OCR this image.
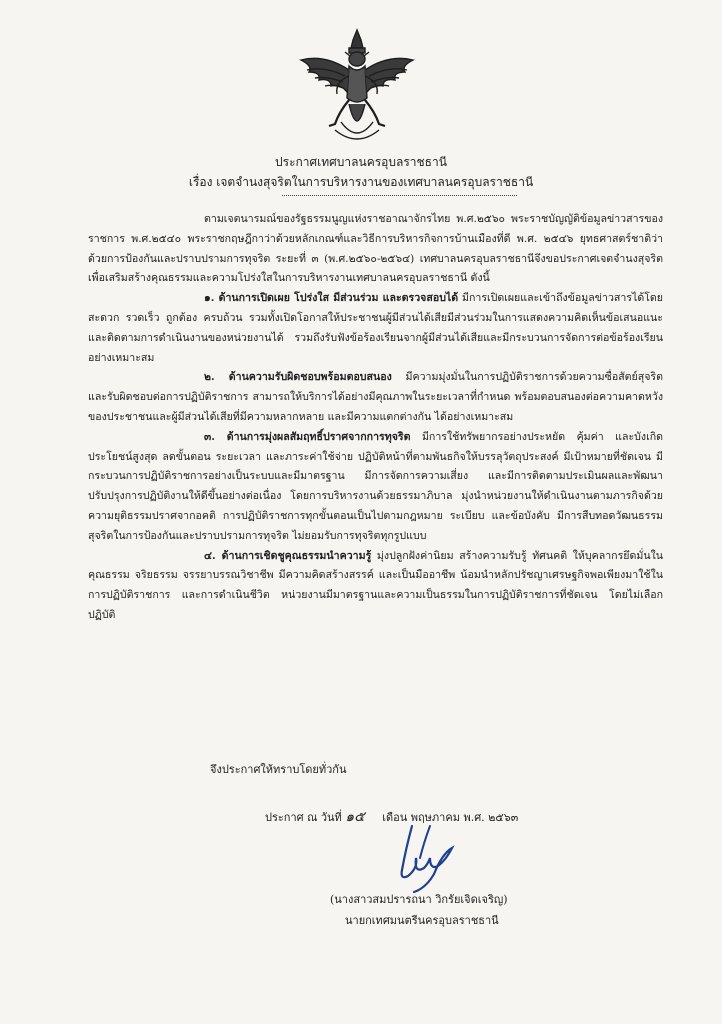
ประกาศเทศบาลนครอุบลราชธานี
เรื่อง เจตจำนงสุจริตในการบริหารงานของเทศบาลนครอุบลราชธานี

ตามเจตนารมณ์ของรัฐธรรมนูญแห่งราชอาณาจักรไทย พ.ศ.๒๕๖๐ พระราชบัญญัติข้อมูลข่าวสารของราชการ พ.ศ.๒๕๔๐ พระราชกฤษฎีกาว่าด้วยหลักเกณฑ์และวิธีการบริหารกิจการบ้านเมืองที่ดี พ.ศ. ๒๕๔๖ ยุทธศาสตร์ชาติว่าด้วยการป้องกันและปราบปรามการทุจริต ระยะที่ ๓ (พ.ศ.๒๕๖๐-๒๕๖๔) เทศบาลนครอุบลราชธานีจึงขอประกาศเจตจำนงสุจริต เพื่อเสริมสร้างคุณธรรมและความโปร่งใสในการบริหารงานเทศบาลนครอุบลราชธานี ดังนี้

๑. ด้านการเปิดเผย โปร่งใส มีส่วนร่วม และตรวจสอบได้ มีการเปิดเผยและเข้าถึงข้อมูลข่าวสารได้โดยสะดวก รวดเร็ว ถูกต้อง ครบถ้วน รวมทั้งเปิดโอกาสให้ประชาชนผู้มีส่วนได้เสียมีส่วนร่วมในการแสดงความคิดเห็นข้อเสนอแนะและติดตามการดำเนินงานของหน่วยงานได้ รวมถึงรับฟังข้อร้องเรียนจากผู้มีส่วนได้เสียและมีกระบวนการจัดการต่อข้อร้องเรียนอย่างเหมาะสม

๒. ด้านความรับผิดชอบพร้อมตอบสนอง มีความมุ่งมั่นในการปฏิบัติราชการด้วยความซื่อสัตย์สุจริต และรับผิดชอบต่อการปฏิบัติราชการ สามารถให้บริการได้อย่างมีคุณภาพในระยะเวลาที่กำหนด พร้อมตอบสนองต่อความคาดหวังของประชาชนและผู้มีส่วนได้เสียที่มีความหลากหลาย และมีความแตกต่างกัน ได้อย่างเหมาะสม

๓. ด้านการมุ่งผลสัมฤทธิ์ปราศจากการทุจริต มีการใช้ทรัพยากรอย่างประหยัด คุ้มค่า และบังเกิดประโยชน์สูงสุด ลดขั้นตอน ระยะเวลา และภาระค่าใช้จ่าย ปฏิบัติหน้าที่ตามพันธกิจให้บรรลุวัตถุประสงค์ มีเป้าหมายที่ชัดเจน มีกระบวนการปฏิบัติราชการอย่างเป็นระบบและมีมาตรฐาน มีการจัดการความเสี่ยง และมีการติดตามประเมินผลและพัฒนาปรับปรุงการปฏิบัติงานให้ดีขึ้นอย่างต่อเนื่อง โดยการบริหารงานด้วยธรรมาภิบาล มุ่งนำหน่วยงานให้ดำเนินงานตามภารกิจด้วยความยุติธรรมปราศจากอคติ การปฏิบัติราชการทุกขั้นตอนเป็นไปตามกฎหมาย ระเบียบ และข้อบังคับ มีการสืบทอดวัฒนธรรมสุจริตในการป้องกันและปราบปรามการทุจริต ไม่ยอมรับการทุจริตทุกรูปแบบ

๔. ด้านการเชิดชูคุณธรรมนำความรู้ มุ่งปลูกฝังค่านิยม สร้างความรับรู้ ทัศนคติ ให้บุคลากรยึดมั่นในคุณธรรม จริยธรรม จรรยาบรรณวิชาชีพ มีความคิดสร้างสรรค์ และเป็นมืออาชีพ น้อมนำหลักปรัชญาเศรษฐกิจพอเพียงมาใช้ในการปฏิบัติราชการ และการดำเนินชีวิต หน่วยงานมีมาตรฐานและความเป็นธรรมในการปฏิบัติราชการที่ชัดเจน โดยไม่เลือกปฏิบัติ

จึงประกาศให้ทราบโดยทั่วกัน
ประกาศ ณ วันที่ ๑๕ เดือน พฤษภาคม พ.ศ. ๒๕๖๓
(นางสาวสมปรารถนา วิกรัยเจิดเจริญ)
นายกเทศมนตรีนครอุบลราชธานี
